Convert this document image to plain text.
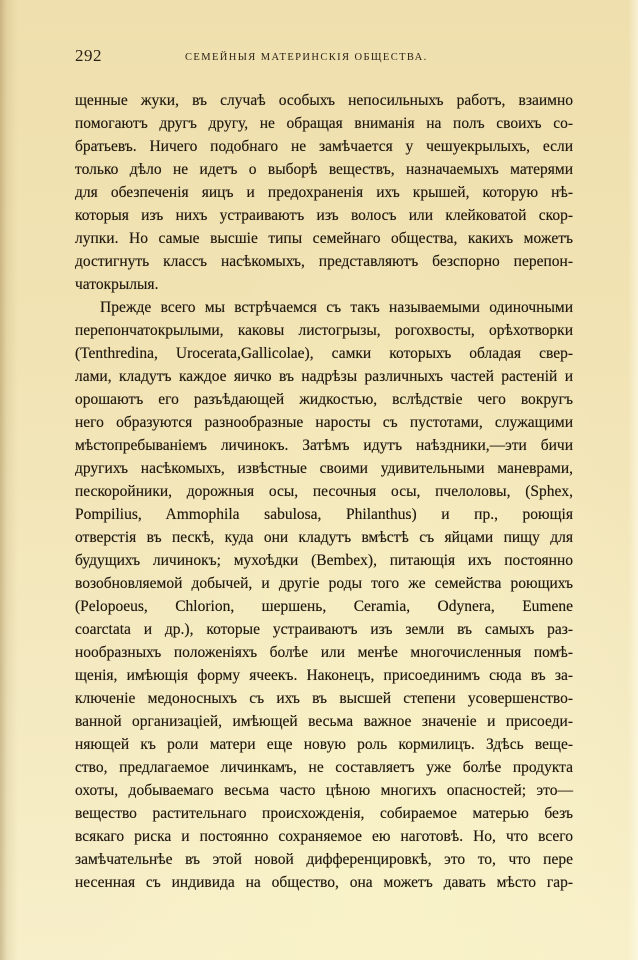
292	СЕМЕЙНЫЯ МАТЕРИНСКІЯ ОБЩЕСТВА.
щенные жуки, въ случаѣ особыхъ непосильныхъ работъ, взаимно
помогаютъ другъ другу, не обращая вниманія на полъ своихъ со-
братьевъ. Ничего подобнаго не замѣчается у чешуекрылыхъ, если
только дѣло не идетъ о выборѣ веществъ, назначаемыхъ матерями
для обезпеченія яицъ и предохраненія ихъ крышей, которую нѣ-
которыя изъ нихъ устраиваютъ изъ волосъ или клейковатой скор-
лупки. Но самые высшіе типы семейнаго общества, какихъ можетъ
достигнуть классъ насѣкомыхъ, представляютъ безспорно перепон-
чатокрылыя.
Прежде всего мы встрѣчаемся съ такъ называемыми одиночными
перепончатокрылыми, каковы листогрызы, рогохвосты, орѣхотворки
(Tenthredina, Urocerata,Gallicolae), самки которыхъ обладая свер-
лами, кладутъ каждое яичко въ надрѣзы различныхъ частей растеній и
орошаютъ его разъѣдающей жидкостью, вслѣдствіе чего вокругъ
него образуются разнообразные наросты съ пустотами, служащими
мѣстопребываніемъ личинокъ. Затѣмъ идутъ наѣздники,—эти бичи
другихъ насѣкомыхъ, извѣстные своими удивительными маневрами,
пескоройники, дорожныя осы, песочныя осы, пчелоловы, (Sphex,
Pompilius, Ammophila sabulosa, Philanthus) и пр., роющія
отверстія въ пескѣ, куда они кладутъ вмѣстѣ съ яйцами пищу для
будущихъ личинокъ; мухоѣдки (Bembex), питающія ихъ постоянно
возобновляемой добычей, и другіе роды того же семейства роющихъ
(Pelopoeus, Chlorion, шершень, Ceramia, Odynera, Eumene
coarctata и др.), которые устраиваютъ изъ земли въ самыхъ раз-
нообразныхъ положеніяхъ болѣе или менѣе многочисленныя помѣ-
щенія, имѣющія форму ячеекъ. Наконецъ, присоединимъ сюда въ за-
ключеніе медоносныхъ съ ихъ въ высшей степени усовершенство-
ванной организаціей, имѣющей весьма важное значеніе и присоеди-
няющей къ роли матери еще новую роль кормилицъ. Здѣсь веще-
ство, предлагаемое личинкамъ, не составляетъ уже болѣе продукта
охоты, добываемаго весьма часто цѣною многихъ опасностей; это—
вещество растительнаго происхожденія, собираемое матерью безъ
всякаго риска и постоянно сохраняемое ею наготовѣ. Но, что всего
замѣчательнѣе въ этой новой дифференцировкѣ, это то, что пере
несенная съ индивида на общество, она можетъ давать мѣсто гар-
